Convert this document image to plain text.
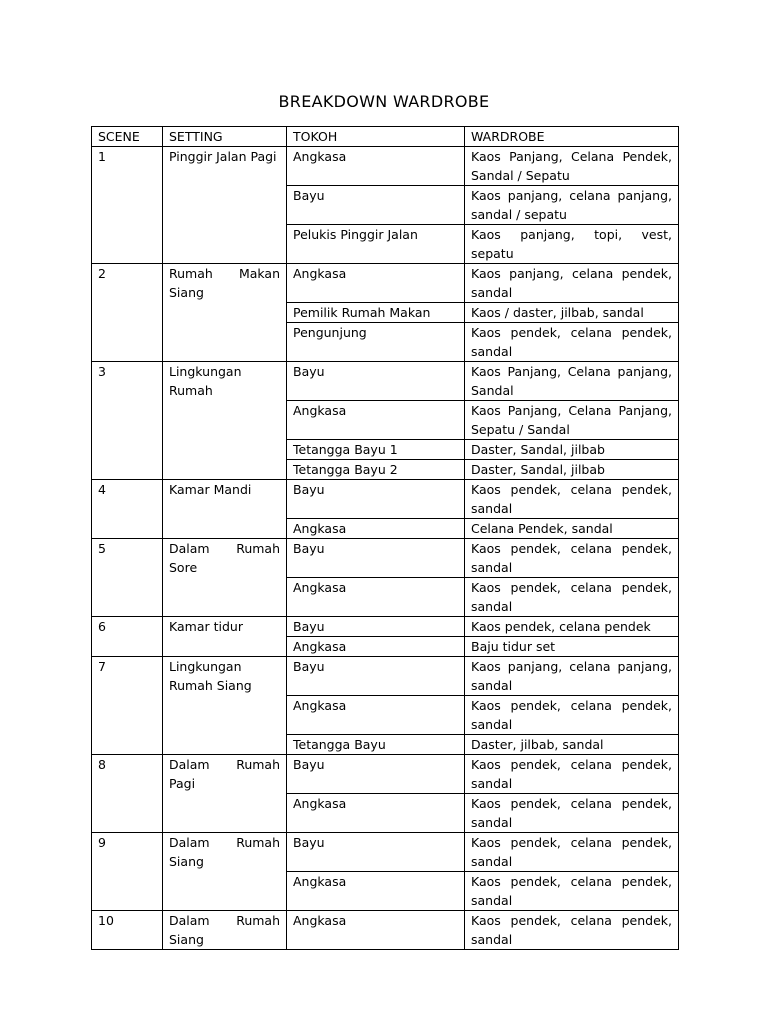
BREAKDOWN WARDROBE
SCENE	SETTING	TOKOH	WARDROBE
1	Pinggir Jalan Pagi	Angkasa	Kaos Panjang, Celana Pendek, Sandal / Sepatu
		Bayu	Kaos panjang, celana panjang, sandal / sepatu
		Pelukis Pinggir Jalan	Kaos panjang, topi, vest, sepatu
2	Rumah Makan Siang	Angkasa	Kaos panjang, celana pendek, sandal
		Pemilik Rumah Makan	Kaos / daster, jilbab, sandal
		Pengunjung	Kaos pendek, celana pendek, sandal
3	Lingkungan Rumah	Bayu	Kaos Panjang, Celana panjang, Sandal
		Angkasa	Kaos Panjang, Celana Panjang, Sepatu / Sandal
		Tetangga Bayu 1	Daster, Sandal, jilbab
		Tetangga Bayu 2	Daster, Sandal, jilbab
4	Kamar Mandi	Bayu	Kaos pendek, celana pendek, sandal
		Angkasa	Celana Pendek, sandal
5	Dalam Rumah Sore	Bayu	Kaos pendek, celana pendek, sandal
		Angkasa	Kaos pendek, celana pendek, sandal
6	Kamar tidur	Bayu	Kaos pendek, celana pendek
		Angkasa	Baju tidur set
7	Lingkungan Rumah Siang	Bayu	Kaos panjang, celana panjang, sandal
		Angkasa	Kaos pendek, celana pendek, sandal
		Tetangga Bayu	Daster, jilbab, sandal
8	Dalam Rumah Pagi	Bayu	Kaos pendek, celana pendek, sandal
		Angkasa	Kaos pendek, celana pendek, sandal
9	Dalam Rumah Siang	Bayu	Kaos pendek, celana pendek, sandal
		Angkasa	Kaos pendek, celana pendek, sandal
10	Dalam Rumah Siang	Angkasa	Kaos pendek, celana pendek, sandal
